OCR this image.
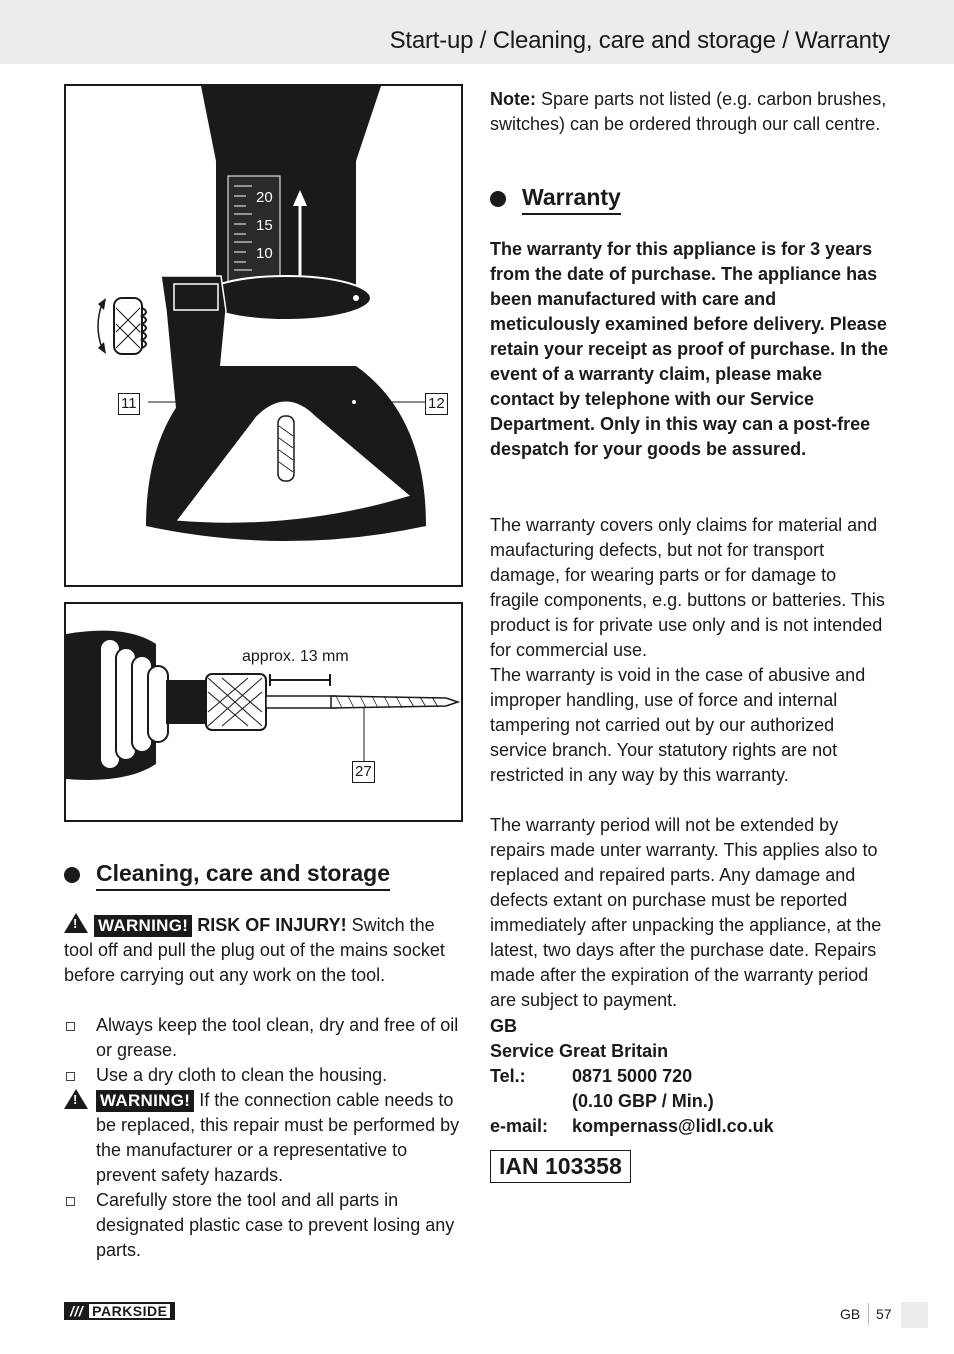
Start-up / Cleaning, care and storage / Warranty
20
15
10
11	12
approx. 13 mm
27
Cleaning, care and storage
!WARNING! RISK OF INJURY! Switch the tool off and pull the plug out of the mains socket before carrying out any work on the tool.
Always keep the tool clean, dry and free of oil or grease.
Use a dry cloth to clean the housing.
!
WARNING! If the connection cable needs to be replaced, this repair must be performed by the manufacturer or a representative to prevent safety hazards.
Carefully store the tool and all parts in designated plastic case to prevent losing any parts.
Note: Spare parts not listed (e.g. carbon brushes, switches) can be ordered through our call centre.
Warranty
The warranty for this appliance is for 3 years from the date of purchase. The appliance has been manufactured with care and meticulously examined before delivery. Please retain your receipt as proof of purchase. In the event of a warranty claim, please make contact by telephone with our Service Department. Only in this way can a post-free despatch for your goods be assured.
The warranty covers only claims for material and maufacturing defects, but not for transport damage, for wearing parts or for damage to fragile components, e.g. buttons or batteries. This product is for private use only and is not intended for commercial use.
The warranty is void in the case of abusive and improper handling, use of force and internal tampering not carried out by our authorized service branch. Your statutory rights are not restricted in any way by this warranty.
The warranty period will not be extended by repairs made unter warranty. This applies also to replaced and repaired parts. Any damage and defects extant on purchase must be reported immediately after unpacking the appliance, at the latest, two days after the purchase date. Repairs made after the expiration of the warranty period are subject to payment.
GB
Service Great Britain
Tel.:	0871 5000 720
(0.10 GBP / Min.)
e-mail:	kompernass@lidl.co.uk
IAN 103358
/// PARKSIDE	GB 57
